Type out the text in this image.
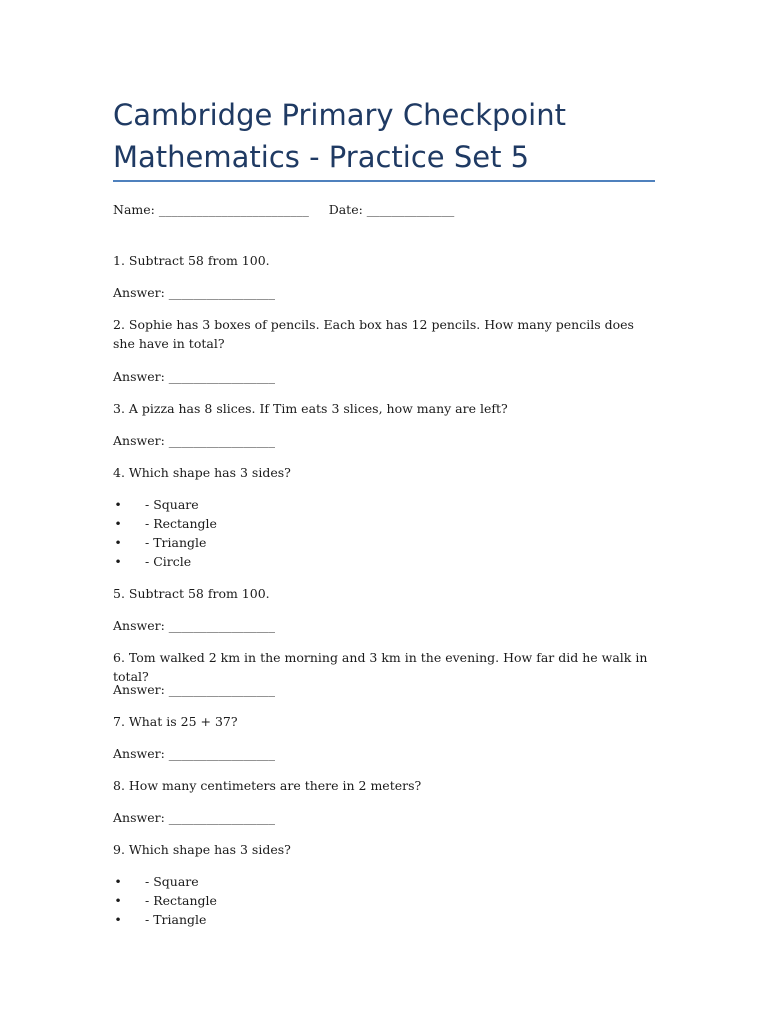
Cambridge Primary Checkpoint
Mathematics - Practice Set 5
Name: ________________________ Date: ______________
1. Subtract 58 from 100.
Answer: _________________
2. Sophie has 3 boxes of pencils. Each box has 12 pencils. How many pencils does she have in total?
Answer: _________________
3. A pizza has 8 slices. If Tim eats 3 slices, how many are left?
Answer: _________________
4. Which shape has 3 sides?
• - Square
• - Rectangle
• - Triangle
• - Circle
5. Subtract 58 from 100.
Answer: _________________
6. Tom walked 2 km in the morning and 3 km in the evening. How far did he walk in total?
Answer: _________________
7. What is 25 + 37?
Answer: _________________
8. How many centimeters are there in 2 meters?
Answer: _________________
9. Which shape has 3 sides?
• - Square
• - Rectangle
• - Triangle
